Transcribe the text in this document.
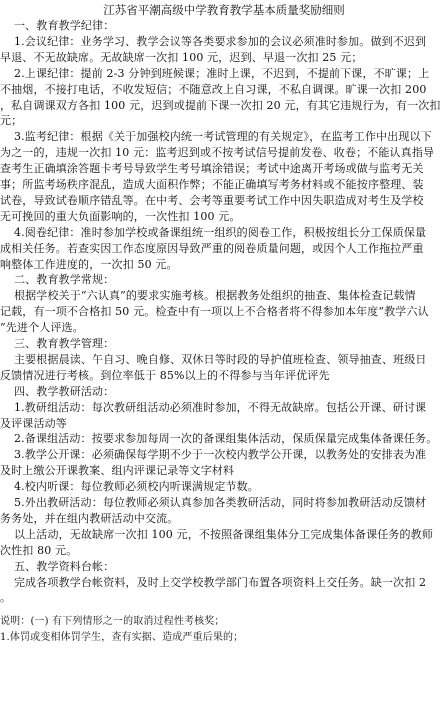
江苏省平潮高级中学教育教学基本质量奖励细则
一、教育教学纪律：
1.会议纪律：业务学习、教学会议等各类要求参加的会议必须准时参加。做到不迟到
早退、不无故缺席。无故缺席一次扣 100 元，迟到、早退一次扣 25 元；
2.上课纪律：提前 2-3 分钟到班候课；准时上课，不迟到，不提前下课，不旷课；上
不抽烟，不接打电话，不收发短信；不随意改上自习课，不私自调课。旷课一次扣 200
，私自调课双方各扣 100 元，迟到或提前下课一次扣 20 元，有其它违规行为，有一次扣
元；
3.监考纪律：根据《关于加强校内统一考试管理的有关规定》，在监考工作中出现以下
为之一的，违规一次扣 10 元：监考迟到或不按考试信号提前发卷、收卷；不能认真指导
查考生正确填涂答题卡考号导致学生考号填涂错误；考试中途离开考场或做与监考无关
事；所监考场秩序混乱，造成大面积作弊；不能正确填写考务材料或不能按序整理、装
试卷，导致试卷顺序错乱等。在中考、会考等重要考试工作中因失职造成对考生及学校
无可挽回的重大负面影响的，一次性扣 100 元。
4.阅卷纪律：准时参加学校或备课组统一组织的阅卷工作，积极按组长分工保质保量
成相关任务。若查实因工作态度原因导致严重的阅卷质量问题，或因个人工作拖拉严重
响整体工作进度的，一次扣 50 元。
二、教育教学常规：
根据学校关于“六认真”的要求实施考核。根据教务处组织的抽查、集体检查记载情
记载，有一项不合格扣 50 元。检查中有一项以上不合格者将不得参加本年度“教学六认
”先进个人评选。
三、教育教学管理：
主要根据晨读、午自习、晚自修、双休日等时段的导护值班检查、领导抽查、班级日
反馈情况进行考核。到位率低于 85%以上的不得参与当年评优评先
四、教学教研活动：
1.教研组活动：每次教研组活动必须准时参加，不得无故缺席。包括公开课、研讨课
及评课活动等
2.备课组活动：按要求参加每周一次的备课组集体活动，保质保量完成集体备课任务。
3.教学公开课：必须确保每学期不少于一次校内教学公开课，以教务处的安排表为准
及时上缴公开课教案、组内评课记录等文字材料
4.校内听课：每位教师必须校内听课满规定节数。
5.外出教研活动：每位教师必须认真参加各类教研活动，同时将参加教研活动反馈材
务务处，并在组内教研活动中交流。
以上活动，无故缺席一次扣 100 元，不按照备课组集体分工完成集体备课任务的教师
次性扣 80 元。
五、教学资料台帐：
完成各项教学台帐资料，及时上交学校教学部门布置各项资料上交任务。缺一次扣 2
。
说明：(一) 有下列情形之一的取消过程性考核奖；
1.体罚或变相体罚学生，查有实据、造成严重后果的；
